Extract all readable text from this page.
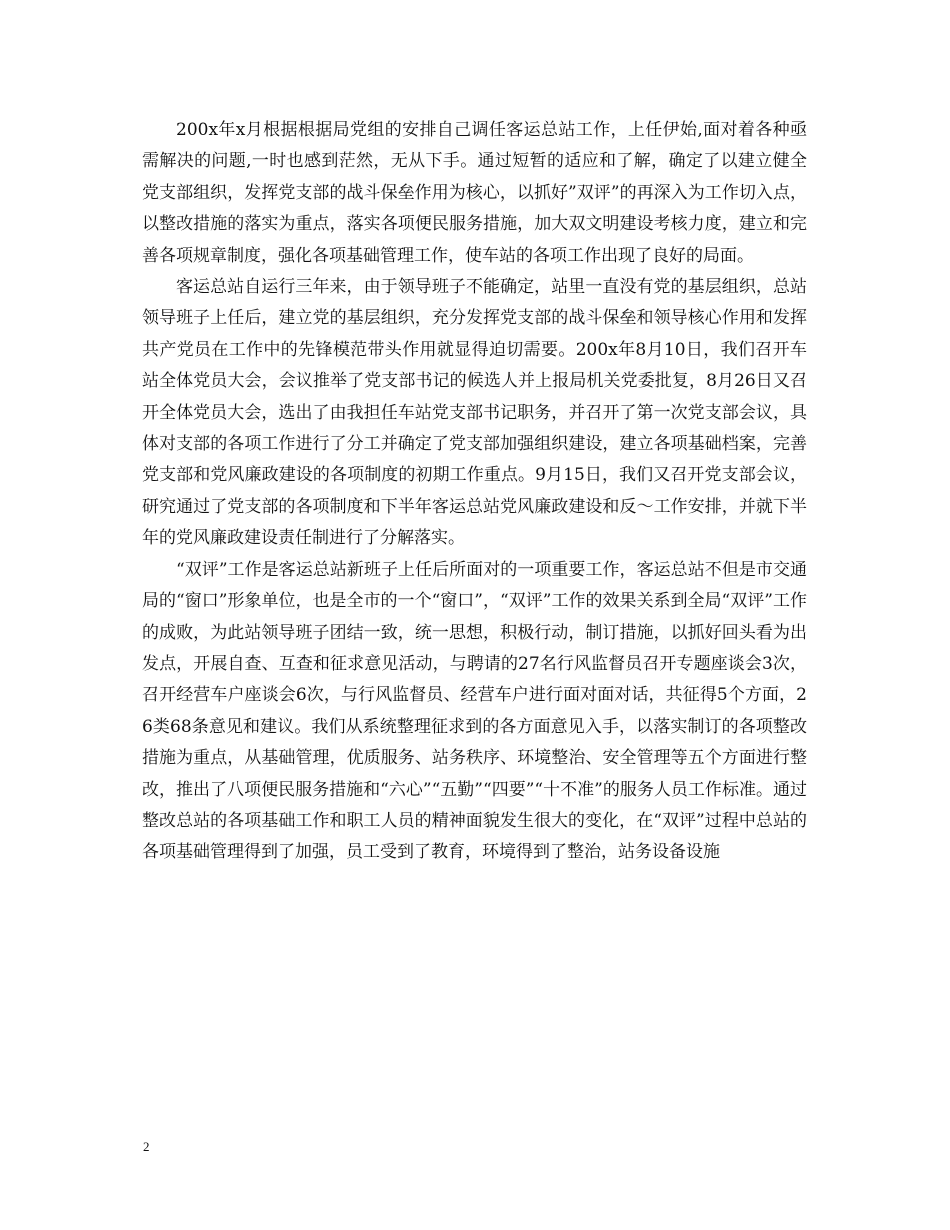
200x年x月根据根据局党组的安排自己调任客运总站工作，上任伊始,面对着各种亟需解决的问题,一时也感到茫然，无从下手。通过短暂的适应和了解，确定了以建立健全党支部组织，发挥党支部的战斗保垒作用为核心，以抓好”双评”的再深入为工作切入点，以整改措施的落实为重点，落实各项便民服务措施，加大双文明建设考核力度，建立和完善各项规章制度，强化各项基础管理工作，使车站的各项工作出现了良好的局面。

客运总站自运行三年来，由于领导班子不能确定，站里一直没有党的基层组织，总站领导班子上任后，建立党的基层组织，充分发挥党支部的战斗保垒和领导核心作用和发挥共产党员在工作中的先锋模范带头作用就显得迫切需要。200x年8月10日，我们召开车站全体党员大会，会议推举了党支部书记的候选人并上报局机关党委批复，8月26日又召开全体党员大会，选出了由我担任车站党支部书记职务，并召开了第一次党支部会议，具体对支部的各项工作进行了分工并确定了党支部加强组织建设，建立各项基础档案，完善党支部和党风廉政建设的各项制度的初期工作重点。9月15日，我们又召开党支部会议，研究通过了党支部的各项制度和下半年客运总站党风廉政建设和反～工作安排，并就下半年的党风廉政建设责任制进行了分解落实。

“双评”工作是客运总站新班子上任后所面对的一项重要工作，客运总站不但是市交通局的“窗口”形象单位，也是全市的一个“窗口”，“双评”工作的效果关系到全局“双评”工作的成败，为此站领导班子团结一致，统一思想，积极行动，制订措施，以抓好回头看为出发点，开展自查、互查和征求意见活动，与聘请的27名行风监督员召开专题座谈会3次，召开经营车户座谈会6次，与行风监督员、经营车户进行面对面对话，共征得5个方面，26类68条意见和建议。我们从系统整理征求到的各方面意见入手，以落实制订的各项整改措施为重点，从基础管理，优质服务、站务秩序、环境整治、安全管理等五个方面进行整改，推出了八项便民服务措施和“六心”“五勤”“四要”“十不准”的服务人员工作标准。通过整改总站的各项基础工作和职工人员的精神面貌发生很大的变化，在“双评”过程中总站的各项基础管理得到了加强，员工受到了教育，环境得到了整治，站务设备设施

2
